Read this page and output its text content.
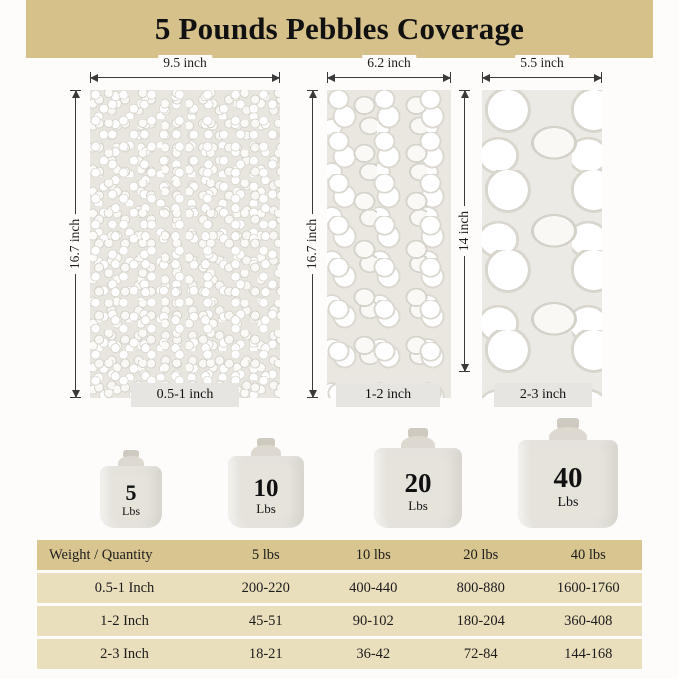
5 Pounds Pebbles Coverage
9.5 inch
16.7 inch
0.5-1 inch
6.2 inch
16.7 inch
1-2 inch
5.5 inch
14 inch
2-3 inch
5
Lbs
10
Lbs
20
Lbs
40
Lbs
Weight / Quantity	5 lbs	10 lbs	20 lbs	40 lbs
0.5-1 Inch	200-220	400-440	800-880	1600-1760
1-2 Inch	45-51	90-102	180-204	360-408
2-3 Inch	18-21	36-42	72-84	144-168
